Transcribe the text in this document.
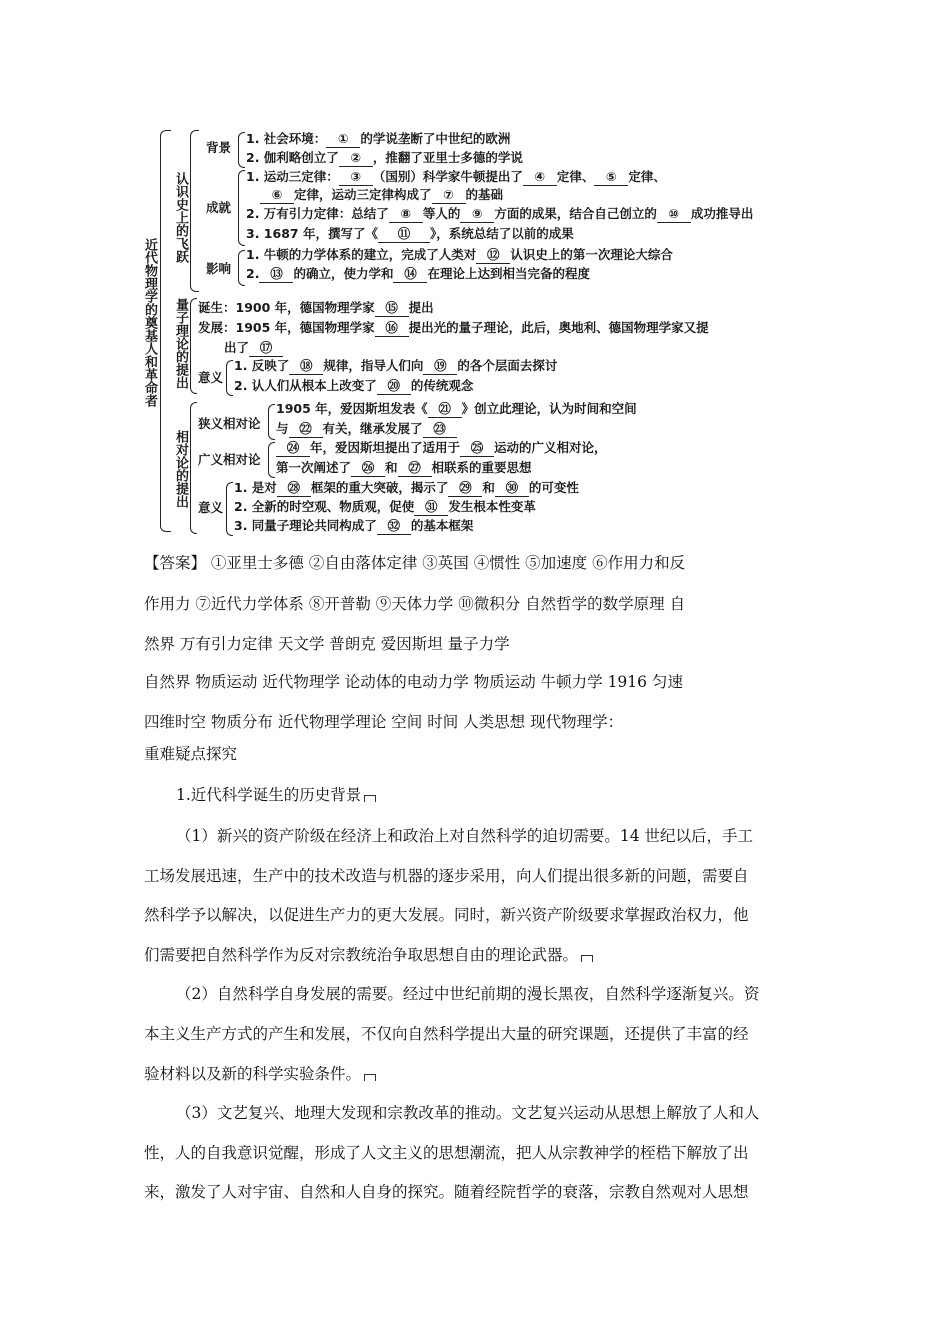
近代物理学的奠基人和革命者
认识史上的飞跃
背景
1. 社会环境： ① 的学说垄断了中世纪的欧洲
2. 伽利略创立了 ② ，推翻了亚里士多德的学说
成就
1. 运动三定律： ③ （国别）科学家牛顿提出了 ④ 定律、 ⑤ 定律、
⑥ 定律，运动三定律构成了 ⑦ 的基础
2. 万有引力定律：总结了 ⑧ 等人的 ⑨ 方面的成果，结合自己创立的 ⑩ 成功推导出
3. 1687 年，撰写了《 ⑪ 》，系统总结了以前的成果
影响
1. 牛顿的力学体系的建立，完成了人类对 ⑫ 认识史上的第一次理论大综合
2. ⑬ 的确立，使力学和 ⑭ 在理论上达到相当完备的程度
量子理论的提出 诞生：1900 年，德国物理学家 ⑮ 提出
发展：1905 年，德国物理学家 ⑯ 提出光的量子理论，此后，奥地利、德国物理学家又提
出了 ⑰
意义
1. 反映了 ⑱ 规律，指导人们向 ⑲ 的各个层面去探讨
2. 认人们从根本上改变了 ⑳ 的传统观念
相对论的提出
狭义相对论
1905 年，爱因斯坦发表《 ㉑ 》创立此理论，认为时间和空间
与 ㉒ 有关，继承发展了 ㉓
广义相对论
㉔ 年，爱因斯坦提出了适用于 ㉕ 运动的广义相对论，
第一次阐述了 ㉖ 和 ㉗ 相联系的重要思想
意义
1. 是对 ㉘ 框架的重大突破，揭示了 ㉙ 和 ㉚ 的可变性
2. 全新的时空观、物质观，促使 ㉛ 发生根本性变革
3. 同量子理论共同构成了 ㉜ 的基本框架
【答案】 ①亚里士多德 ②自由落体定律 ③英国 ④惯性 ⑤加速度 ⑥作用力和反
作用力 ⑦近代力学体系 ⑧开普勒 ⑨天体力学 ⑩微积分 自然哲学的数学原理 自
然界 万有引力定律 天文学 普朗克 爱因斯坦 量子力学
自然界 物质运动 近代物理学 论动体的电动力学 物质运动 牛顿力学 1916 匀速
四维时空 物质分布 近代物理学理论 空间 时间 人类思想 现代物理学：
重难疑点探究
1.近代科学诞生的历史背景
（1）新兴的资产阶级在经济上和政治上对自然科学的迫切需要。14 世纪以后，手工
工场发展迅速，生产中的技术改造与机器的逐步采用，向人们提出很多新的问题，需要自
然科学予以解决，以促进生产力的更大发展。同时，新兴资产阶级要求掌握政治权力，他
们需要把自然科学作为反对宗教统治争取思想自由的理论武器。
（2）自然科学自身发展的需要。经过中世纪前期的漫长黑夜，自然科学逐渐复兴。资
本主义生产方式的产生和发展，不仅向自然科学提出大量的研究课题，还提供了丰富的经
验材料以及新的科学实验条件。
（3）文艺复兴、地理大发现和宗教改革的推动。文艺复兴运动从思想上解放了人和人
性，人的自我意识觉醒，形成了人文主义的思想潮流，把人从宗教神学的桎梏下解放了出
来，激发了人对宇宙、自然和人自身的探究。随着经院哲学的衰落，宗教自然观对人思想
